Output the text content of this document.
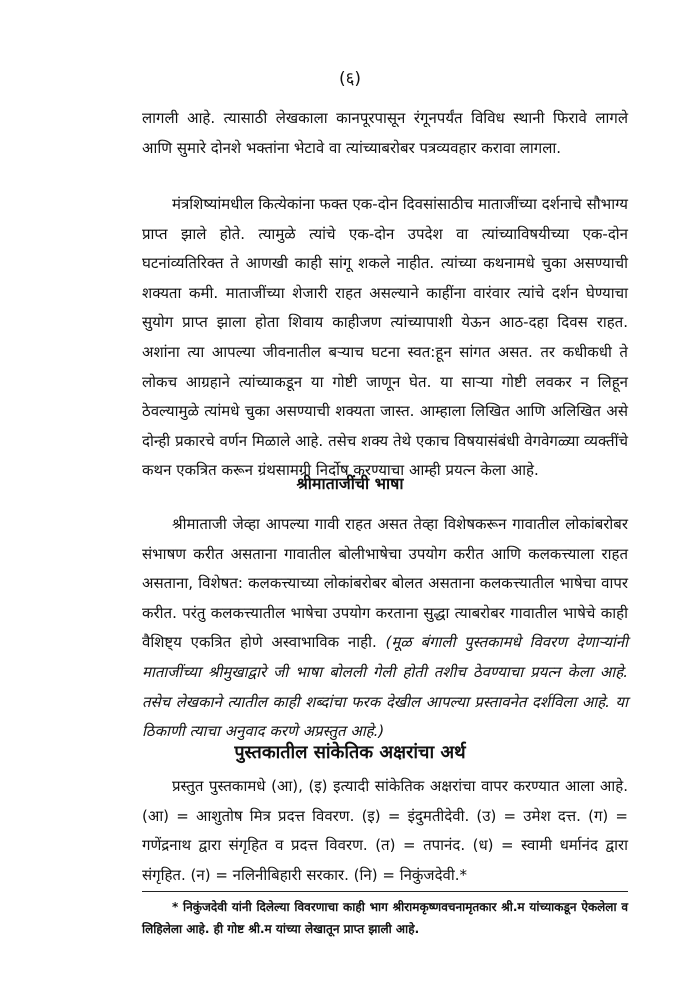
(६)

लागली आहे. त्यासाठी लेखकाला कानपूरपासून रंगूनपर्यंत विविध स्थानी फिरावे लागले आणि सुमारे दोनशे भक्तांना भेटावे वा त्यांच्याबरोबर पत्रव्यवहार करावा लागला.

मंत्रशिष्यांमधील कित्येकांना फक्त एक-दोन दिवसांसाठीच माताजींच्या दर्शनाचे सौभाग्य प्राप्त झाले होते. त्यामुळे त्यांचे एक-दोन उपदेश वा त्यांच्याविषयीच्या एक-दोन घटनांव्यतिरिक्त ते आणखी काही सांगू शकले नाहीत. त्यांच्या कथनामधे चुका असण्याची शक्यता कमी. माताजींच्या शेजारी राहत असल्याने काहींना वारंवार त्यांचे दर्शन घेण्याचा सुयोग प्राप्त झाला होता शिवाय काहीजण त्यांच्यापाशी येऊन आठ-दहा दिवस राहत. अशांना त्या आपल्या जीवनातील बऱ्याच घटना स्वत:हून सांगत असत. तर कधीकधी ते लोकच आग्रहाने त्यांच्याकडून या गोष्टी जाणून घेत. या साऱ्या गोष्टी लवकर न लिहून ठेवल्यामुळे त्यांमधे चुका असण्याची शक्यता जास्त. आम्हाला लिखित आणि अलिखित असे दोन्ही प्रकारचे वर्णन मिळाले आहे. तसेच शक्य तेथे एकाच विषयासंबंधी वेगवेगळ्या व्यक्तींचे कथन एकत्रित करून ग्रंथसामग्री निर्दोष करण्याचा आम्ही प्रयत्न केला आहे.

श्रीमाताजींची भाषा

श्रीमाताजी जेव्हा आपल्या गावी राहत असत तेव्हा विशेषकरून गावातील लोकांबरोबर संभाषण करीत असताना गावातील बोलीभाषेचा उपयोग करीत आणि कलकत्त्याला राहत असताना, विशेषत: कलकत्त्याच्या लोकांबरोबर बोलत असताना कलकत्त्यातील भाषेचा वापर करीत. परंतु कलकत्त्यातील भाषेचा उपयोग करताना सुद्धा त्याबरोबर गावातील भाषेचे काही वैशिष्ट्य एकत्रित होणे अस्वाभाविक नाही. (मूळ बंगाली पुस्तकामधे विवरण देणाऱ्यांनी माताजींच्या श्रीमुखाद्वारे जी भाषा बोलली गेली होती तशीच ठेवण्याचा प्रयत्न केला आहे. तसेच लेखकाने त्यातील काही शब्दांचा फरक देखील आपल्या प्रस्तावनेत दर्शविला आहे. या ठिकाणी त्याचा अनुवाद करणे अप्रस्तुत आहे.)

पुस्तकातील सांकेतिक अक्षरांचा अर्थ

प्रस्तुत पुस्तकामधे (आ), (इ) इत्यादी सांकेतिक अक्षरांचा वापर करण्यात आला आहे. (आ) = आशुतोष मित्र प्रदत्त विवरण. (इ) = इंदुमतीदेवी. (उ) = उमेश दत्त. (ग) = गणेंद्रनाथ द्वारा संगृहित व प्रदत्त विवरण. (त) = तपानंद. (ध) = स्वामी धर्मानंद द्वारा संगृहित. (न) = नलिनीबिहारी सरकार. (नि) = निकुंजदेवी.*

* निकुंजदेवी यांनी दिलेल्या विवरणाचा काही भाग श्रीरामकृष्णवचनामृतकार श्री.म यांच्याकडून ऐकलेला व लिहिलेला आहे. ही गोष्ट श्री.म यांच्या लेखातून प्राप्त झाली आहे.
